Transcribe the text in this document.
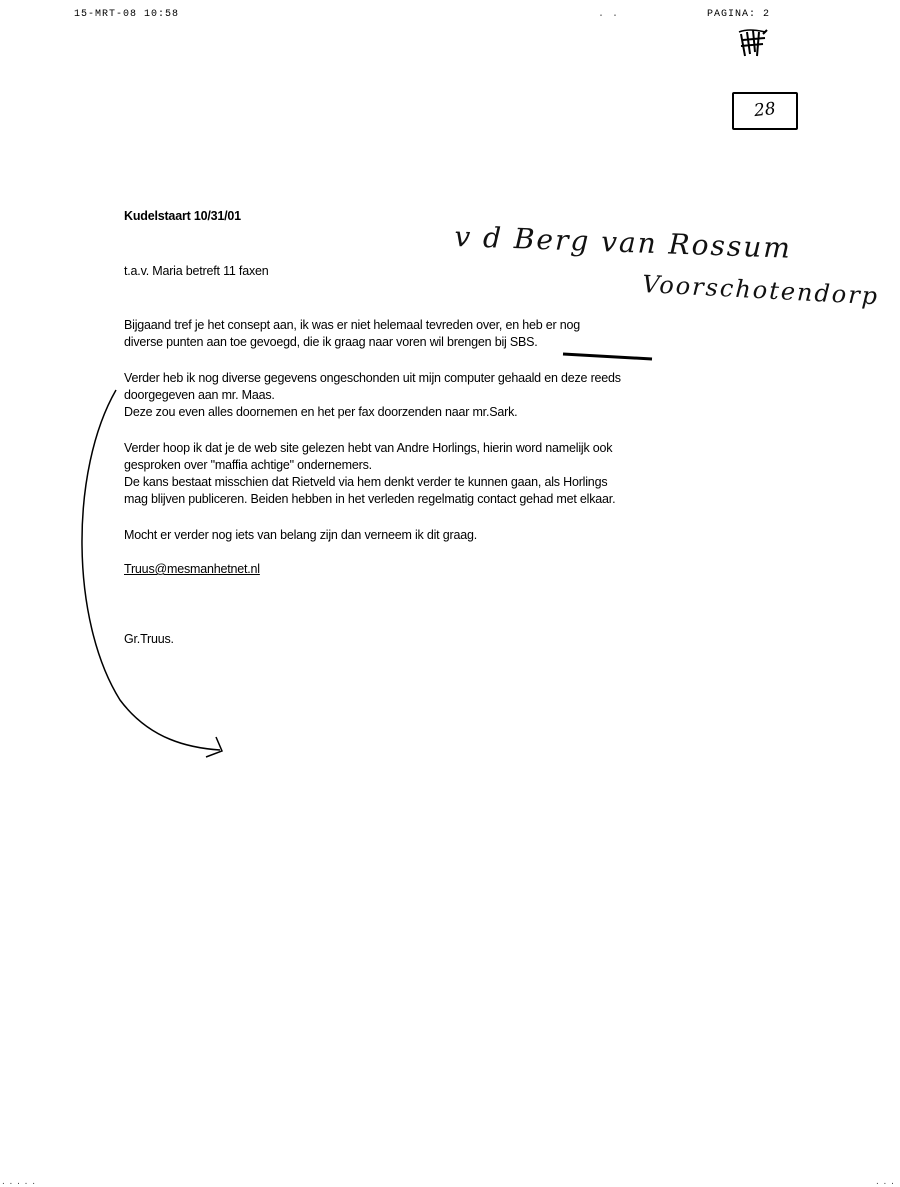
15-MRT-08 10:58	. .	PAGINA: 2
28
v d Berg van Rossum
Voorschotendorp

Kudelstaart 10/31/01

t.a.v. Maria betreft 11 faxen

Bijgaand tref je het consept aan, ik was er niet helemaal tevreden over, en heb er nog

diverse punten aan toe gevoegd, die ik graag naar voren wil brengen bij SBS.

Verder heb ik nog diverse gegevens ongeschonden uit mijn computer gehaald en deze reeds

doorgegeven aan mr. Maas.

Deze zou even alles doornemen en het per fax doorzenden naar mr.Sark.

Verder hoop ik dat je de web site gelezen hebt van Andre Horlings, hierin word namelijk ook

gesproken over "maffia achtige" ondernemers.

De kans bestaat misschien dat Rietveld via hem denkt verder te kunnen gaan, als Horlings

mag blijven publiceren. Beiden hebben in het verleden regelmatig contact gehad met elkaar.

Mocht er verder nog iets van belang zijn dan verneem ik dit graag.

Truus@mesmanhetnet.nl

Gr.Truus.

. . . . .	. . .
